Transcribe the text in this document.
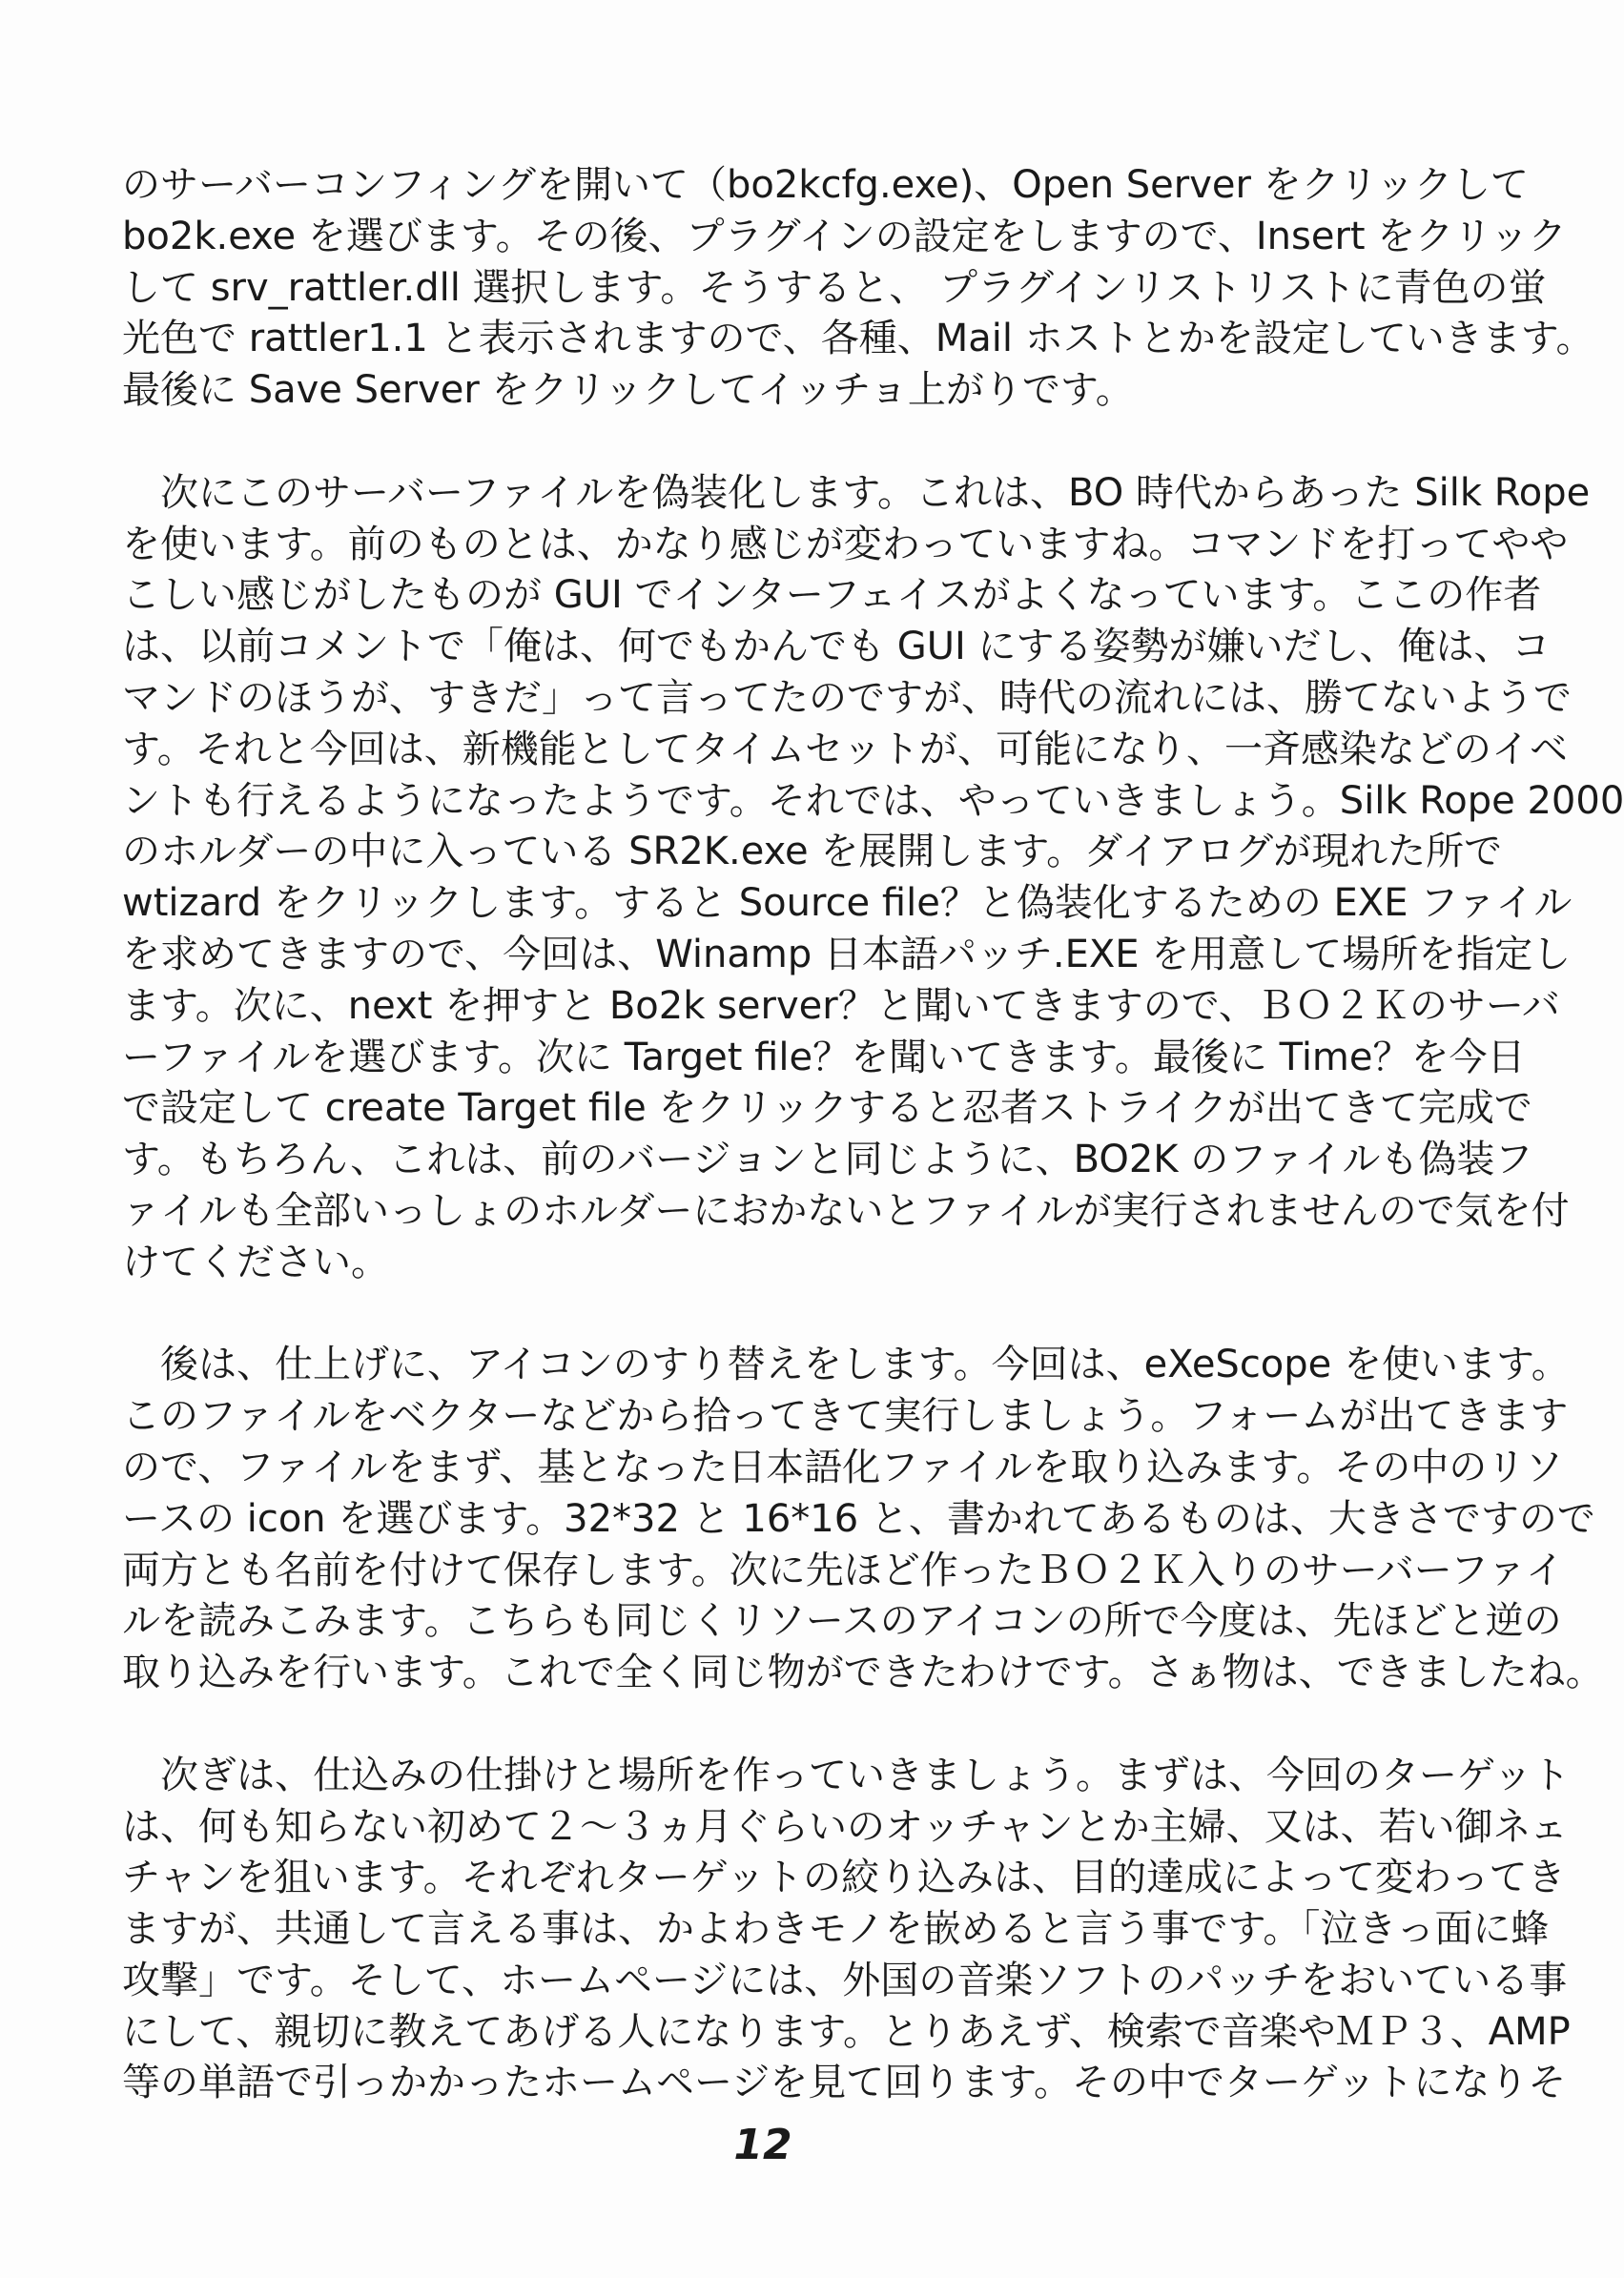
のサーバーコンフィングを開いて（bo2kcfg.exe)、Open Server をクリックして
bo2k.exe を選びます。その後、プラグインの設定をしますので、Insert をクリック
して srv_rattler.dll 選択します。そうすると、 プラグインリストリストに青色の蛍
光色で rattler1.1 と表示されますので、各種、Mail ホストとかを設定していきます。
最後に Save Server をクリックしてイッチョ上がりです。
次にこのサーバーファイルを偽装化します。これは、BO 時代からあった Silk Rope
を使います。前のものとは、かなり感じが変わっていますね。コマンドを打ってやや
こしい感じがしたものが GUI でインターフェイスがよくなっています。ここの作者
は、以前コメントで「俺は、何でもかんでも GUI にする姿勢が嫌いだし、俺は、コ
マンドのほうが、すきだ」って言ってたのですが、時代の流れには、勝てないようで
す。それと今回は、新機能としてタイムセットが、可能になり、一斉感染などのイベ
ントも行えるようになったようです。それでは、やっていきましょう。Silk Rope 2000
のホルダーの中に入っている SR2K.exe を展開します。ダイアログが現れた所で
wtizard をクリックします。すると Source file？と偽装化するための EXE ファイル
を求めてきますので、今回は、Winamp 日本語パッチ.EXE を用意して場所を指定し
ます。次に、next を押すと Bo2k server？と聞いてきますので、ＢＯ２Ｋのサーバ
ーファイルを選びます。次に Target file？を聞いてきます。最後に Time？を今日
で設定して create Target file をクリックすると忍者ストライクが出てきて完成で
す。もちろん、これは、前のバージョンと同じように、BO2K のファイルも偽装フ
ァイルも全部いっしょのホルダーにおかないとファイルが実行されませんので気を付
けてください。
後は、仕上げに、アイコンのすり替えをします。今回は、eXeScope を使います。
このファイルをベクターなどから拾ってきて実行しましょう。フォームが出てきます
ので、ファイルをまず、基となった日本語化ファイルを取り込みます。その中のリソ
ースの icon を選びます。32*32 と 16*16 と、書かれてあるものは、大きさですので
両方とも名前を付けて保存します。次に先ほど作ったＢＯ２Ｋ入りのサーバーファイ
ルを読みこみます。こちらも同じくリソースのアイコンの所で今度は、先ほどと逆の
取り込みを行います。これで全く同じ物ができたわけです。さぁ物は、できましたね。
次ぎは、仕込みの仕掛けと場所を作っていきましょう。まずは、今回のターゲット
は、何も知らない初めて２～３ヵ月ぐらいのオッチャンとか主婦、又は、若い御ネェ
チャンを狙います。それぞれターゲットの絞り込みは、目的達成によって変わってき
ますが、共通して言える事は、かよわきモノを嵌めると言う事です。「泣きっ面に蜂
攻撃」です。そして、ホームページには、外国の音楽ソフトのパッチをおいている事
にして、親切に教えてあげる人になります。とりあえず、検索で音楽やＭＰ３、AMP
等の単語で引っかかったホームページを見て回ります。その中でターゲットになりそ
12
